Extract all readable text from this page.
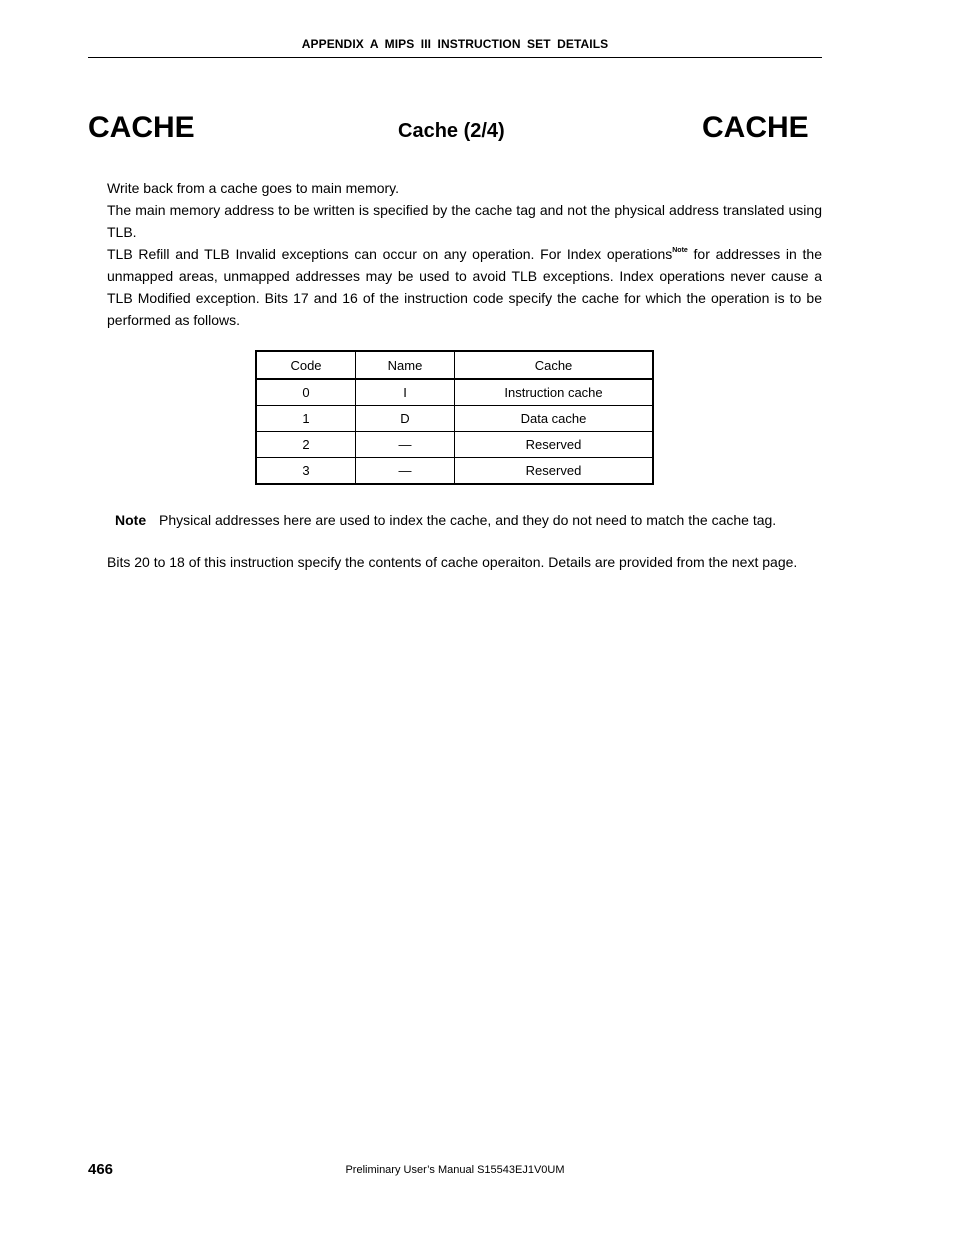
APPENDIX A MIPS III INSTRUCTION SET DETAILS
CACHE	Cache (2/4)	CACHE

Write back from a cache goes to main memory.

The main memory address to be written is specified by the cache tag and not the physical address translated using TLB.

TLB Refill and TLB Invalid exceptions can occur on any operation. For Index operations$^{Note}$ for addresses in the unmapped areas, unmapped addresses may be used to avoid TLB exceptions. Index operations never cause a TLB Modified exception. Bits 17 and 16 of the instruction code specify the cache for which the operation is to be performed as follows.

Code	Name	Cache
0	I	Instruction cache
1	D	Data cache
2	—	Reserved
3	—	Reserved
Note Physical addresses here are used to index the cache, and they do not need to match the cache tag.
Bits 20 to 18 of this instruction specify the contents of cache operaiton. Details are provided from the next page.
466	Preliminary User’s Manual S15543EJ1V0UM
